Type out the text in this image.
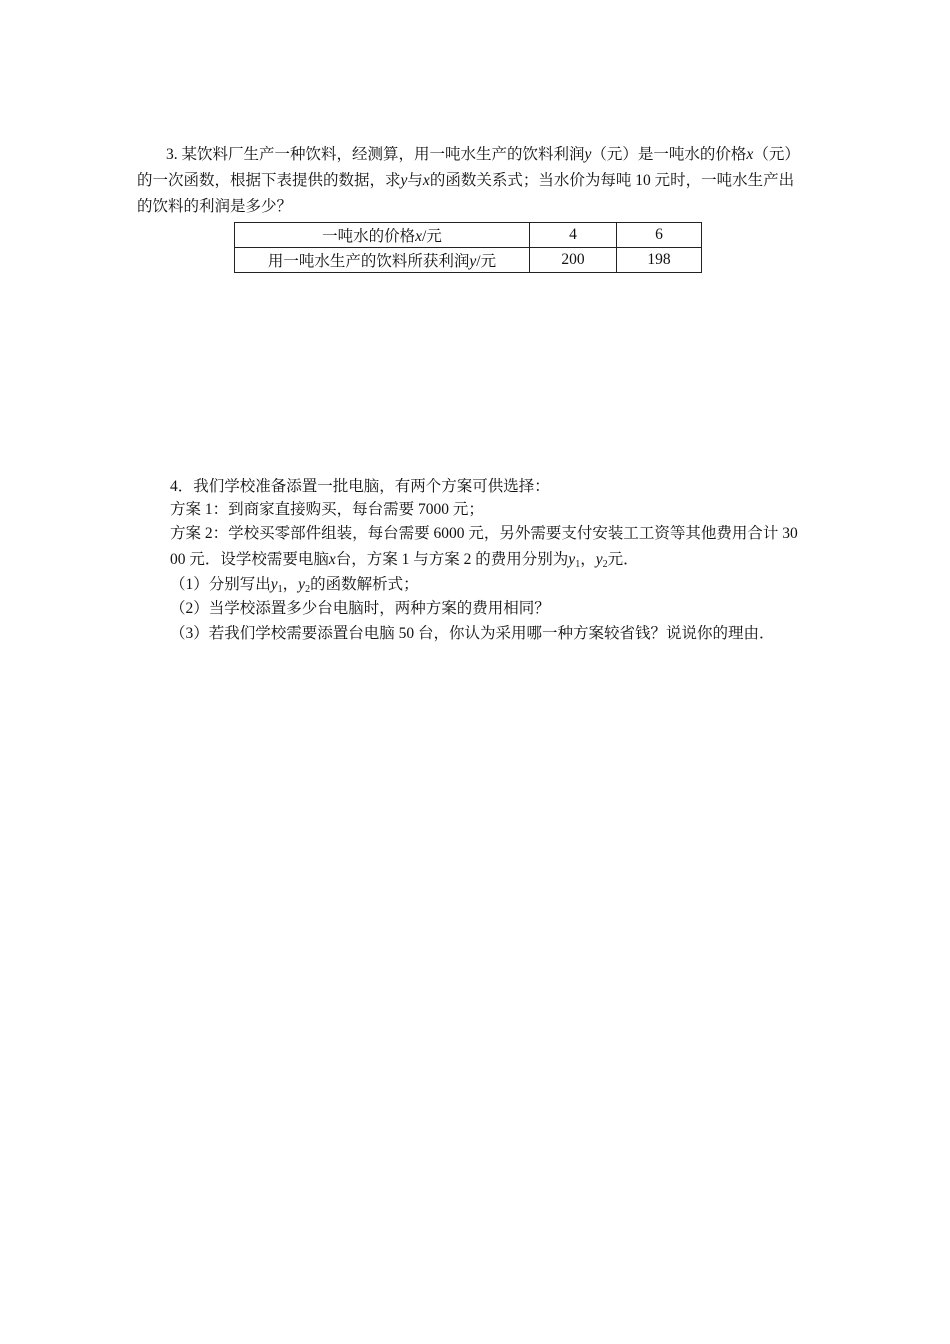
3. 某饮料厂生产一种饮料，经测算，用一吨水生产的饮料利润y（元）是一吨水的价格x（元）
的一次函数，根据下表提供的数据，求y与x的函数关系式；当水价为每吨 10 元时，一吨水生产出
的饮料的利润是多少？
一吨水的价格x/元	4	6
用一吨水生产的饮料所获利润y/元	200	198
4．我们学校准备添置一批电脑，有两个方案可供选择：
方案 1：到商家直接购买，每台需要 7000 元；
方案 2：学校买零部件组装，每台需要 6000 元，另外需要支付安装工工资等其他费用合计 30
00 元．设学校需要电脑x台，方案 1 与方案 2 的费用分别为$y_1$，$y_2$元．
（1）分别写出$y_1$，$y_2$的函数解析式；
（2）当学校添置多少台电脑时，两种方案的费用相同？
（3）若我们学校需要添置台电脑 50 台，你认为采用哪一种方案较省钱？说说你的理由．
